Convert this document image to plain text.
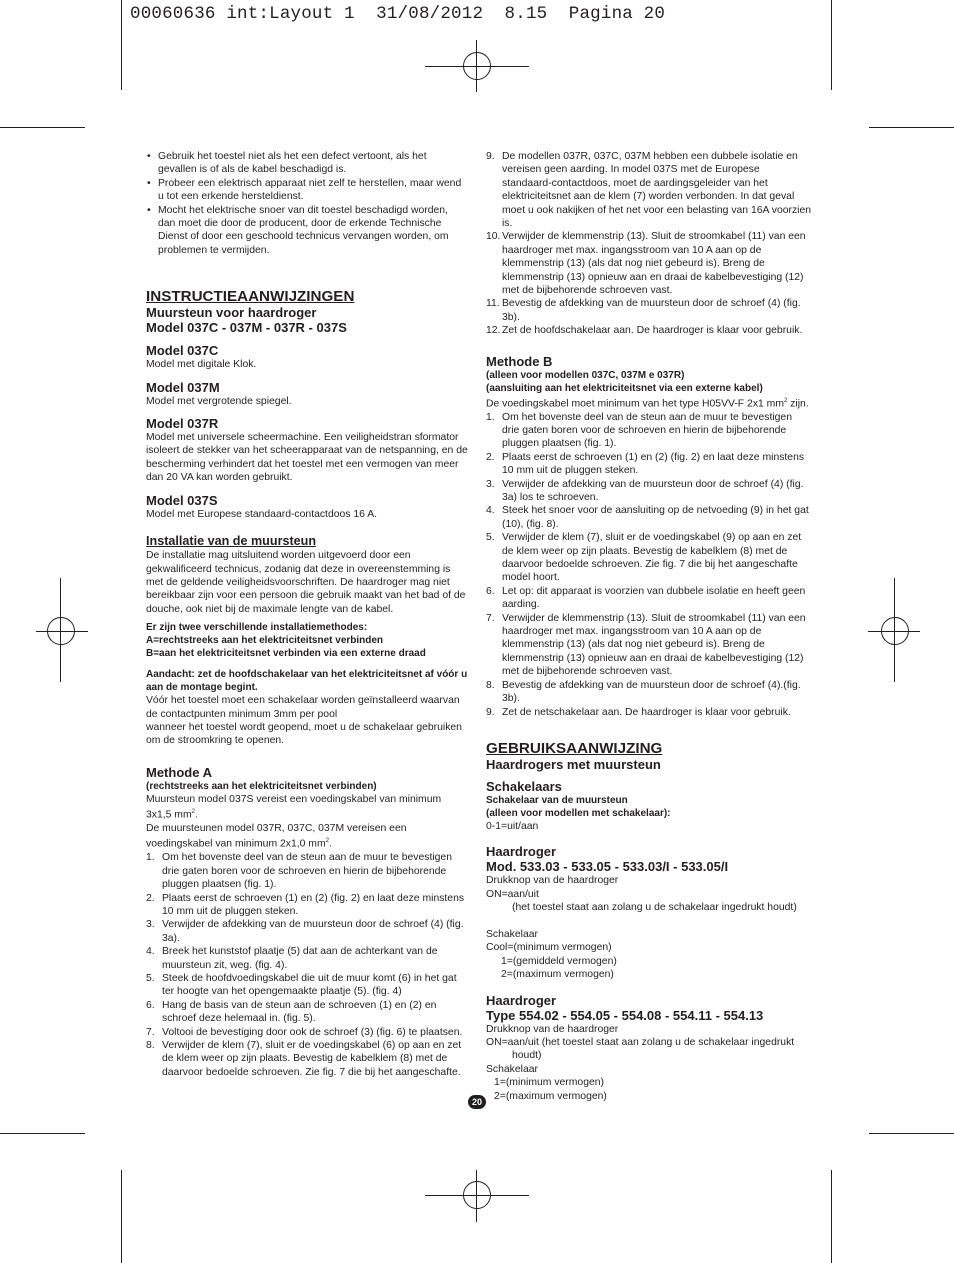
00060636 int:Layout 1  31/08/2012  8.15  Pagina 20
• Gebruik het toestel niet als het een defect vertoont, als het gevallen is of als de kabel beschadigd is.
• Probeer een elektrisch apparaat niet zelf te herstellen, maar wend u tot een erkende hersteldienst.
• Mocht het elektrische snoer van dit toestel beschadigd worden, dan moet die door de producent, door de erkende Technische Dienst of door een geschoold technicus vervangen worden, om problemen te vermijden.

INSTRUCTIEAANWIJZINGEN

Muursteun voor haardroger

Model 037C - 037M - 037R - 037S

Model 037C

Model met digitale Klok.

Model 037M

Model met vergrotende spiegel.

Model 037R

Model met universele scheermachine. Een veiligheidstran sformator isoleert de stekker van het scheerapparaat van de netspanning, en de bescherming verhindert dat het toestel met een vermogen van meer dan 20 VA kan worden gebruikt.

Model 037S

Model met Europese standaard-contactdoos 16 A.

Installatie van de muursteun

De installatie mag uitsluitend worden uitgevoerd door een gekwalificeerd technicus, zodanig dat deze in overeenstemming is met de geldende veiligheidsvoorschriften. De haardroger mag niet bereikbaar zijn voor een persoon die gebruik maakt van het bad of de douche, ook niet bij de maximale lengte van de kabel.

Er zijn twee verschillende installatiemethodes:

A=rechtstreeks aan het elektriciteitsnet verbinden

B=aan het elektriciteitsnet verbinden via een externe draad

Aandacht: zet de hoofdschakelaar van het elektriciteitsnet af vóór u aan de montage begint.

Vóór het toestel moet een schakelaar worden geïnstalleerd waarvan de contactpunten minimum 3mm per pool

wanneer het toestel wordt geopend, moet u de schakelaar gebruiken om de stroomkring te openen.

Methode A

(rechtstreeks aan het elektriciteitsnet verbinden)

Muursteun model 037S vereist een voedingskabel van minimum 3x1,5 $mm^2$.

De muursteunen model 037R, 037C, 037M vereisen een voedingskabel van minimum 2x1,0 $mm^2$.

1. Om het bovenste deel van de steun aan de muur te bevestigen drie gaten boren voor de schroeven en hierin de bijbehorende pluggen plaatsen (fig. 1).
2. Plaats eerst de schroeven (1) en (2) (fig. 2) en laat deze minstens 10 mm uit de pluggen steken.
3. Verwijder de afdekking van de muursteun door de schroef (4) (fig. 3a).
4. Breek het kunststof plaatje (5) dat aan de achterkant van de muursteun zit, weg. (fig. 4).
5. Steek de hoofdvoedingskabel die uit de muur komt (6) in het gat ter hoogte van het opengemaakte plaatje (5). (fig. 4)
6. Hang de basis van de steun aan de schroeven (1) en (2) en schroef deze helemaal in. (fig. 5).
7. Voltooi de bevestiging door ook de schroef (3) (fig. 6) te plaatsen.
8. Verwijder de klem (7), sluit er de voedingskabel (6) op aan en zet de klem weer op zijn plaats. Bevestig de kabelklem (8) met de daarvoor bedoelde schroeven. Zie fig. 7 die bij het aangeschafte.
9. De modellen 037R, 037C, 037M hebben een dubbele isolatie en vereisen geen aarding. In model 037S met de Europese standaard-contactdoos, moet de aardingsgeleider van het elektriciteitsnet aan de klem (7) worden verbonden. In dat geval moet u ook nakijken of het net voor een belasting van 16A voorzien is.
10. Verwijder de klemmenstrip (13). Sluit de stroomkabel (11) van een haardroger met max. ingangsstroom van 10 A aan op de klemmenstrip (13) (als dat nog niet gebeurd is). Breng de klemmenstrip (13) opnieuw aan en draai de kabelbevestiging (12) met de bijbehorende schroeven vast.
11. Bevestig de afdekking van de muursteun door de schroef (4) (fig. 3b).
12. Zet de hoofdschakelaar aan. De haardroger is klaar voor gebruik.

Methode B

(alleen voor modellen 037C, 037M e 037R)

(aansluiting aan het elektriciteitsnet via een externe kabel)

De voedingskabel moet minimum van het type H05VV-F 2x1 $mm^2$ zijn.

1. Om het bovenste deel van de steun aan de muur te bevestigen drie gaten boren voor de schroeven en hierin de bijbehorende pluggen plaatsen (fig. 1).
2. Plaats eerst de schroeven (1) en (2) (fig. 2) en laat deze minstens 10 mm uit de pluggen steken.
3. Verwijder de afdekking van de muursteun door de schroef (4) (fig. 3a) los te schroeven.
4. Steek het snoer voor de aansluiting op de netvoeding (9) in het gat (10), (fig. 8).
5. Verwijder de klem (7), sluit er de voedingskabel (9) op aan en zet de klem weer op zijn plaats. Bevestig de kabelklem (8) met de daarvoor bedoelde schroeven. Zie fig. 7 die bij het aangeschafte model hoort.
6. Let op: dit apparaat is voorzien van dubbele isolatie en heeft geen aarding.
7. Verwijder de klemmenstrip (13). Sluit de stroomkabel (11) van een haardroger met max. ingangsstroom van 10 A aan op de klemmenstrip (13) (als dat nog niet gebeurd is). Breng de klemmenstrip (13) opnieuw aan en draai de kabelbevestiging (12) met de bijbehorende schroeven vast.
8. Bevestig de afdekking van de muursteun door de schroef (4).(fig. 3b).
9. Zet de netschakelaar aan. De haardroger is klaar voor gebruik.

GEBRUIKSAANWIJZING

Haardrogers met muursteun

Schakelaars

Schakelaar van de muursteun

(alleen voor modellen met schakelaar):

0-1=uit/aan

Haardroger

Mod. 533.03 - 533.05 - 533.03/I - 533.05/I

Drukknop van de haardroger

ON=aan/uit

(het toestel staat aan zolang u de schakelaar ingedrukt houdt)

Schakelaar

Cool=(minimum vermogen)

1=(gemiddeld vermogen)

2=(maximum vermogen)

Haardroger

Type 554.02 - 554.05 - 554.08 - 554.11 - 554.13

Drukknop van de haardroger

ON=aan/uit (het toestel staat aan zolang u de schakelaar ingedrukt houdt)

Schakelaar

1=(minimum vermogen)

2=(maximum vermogen)

20
